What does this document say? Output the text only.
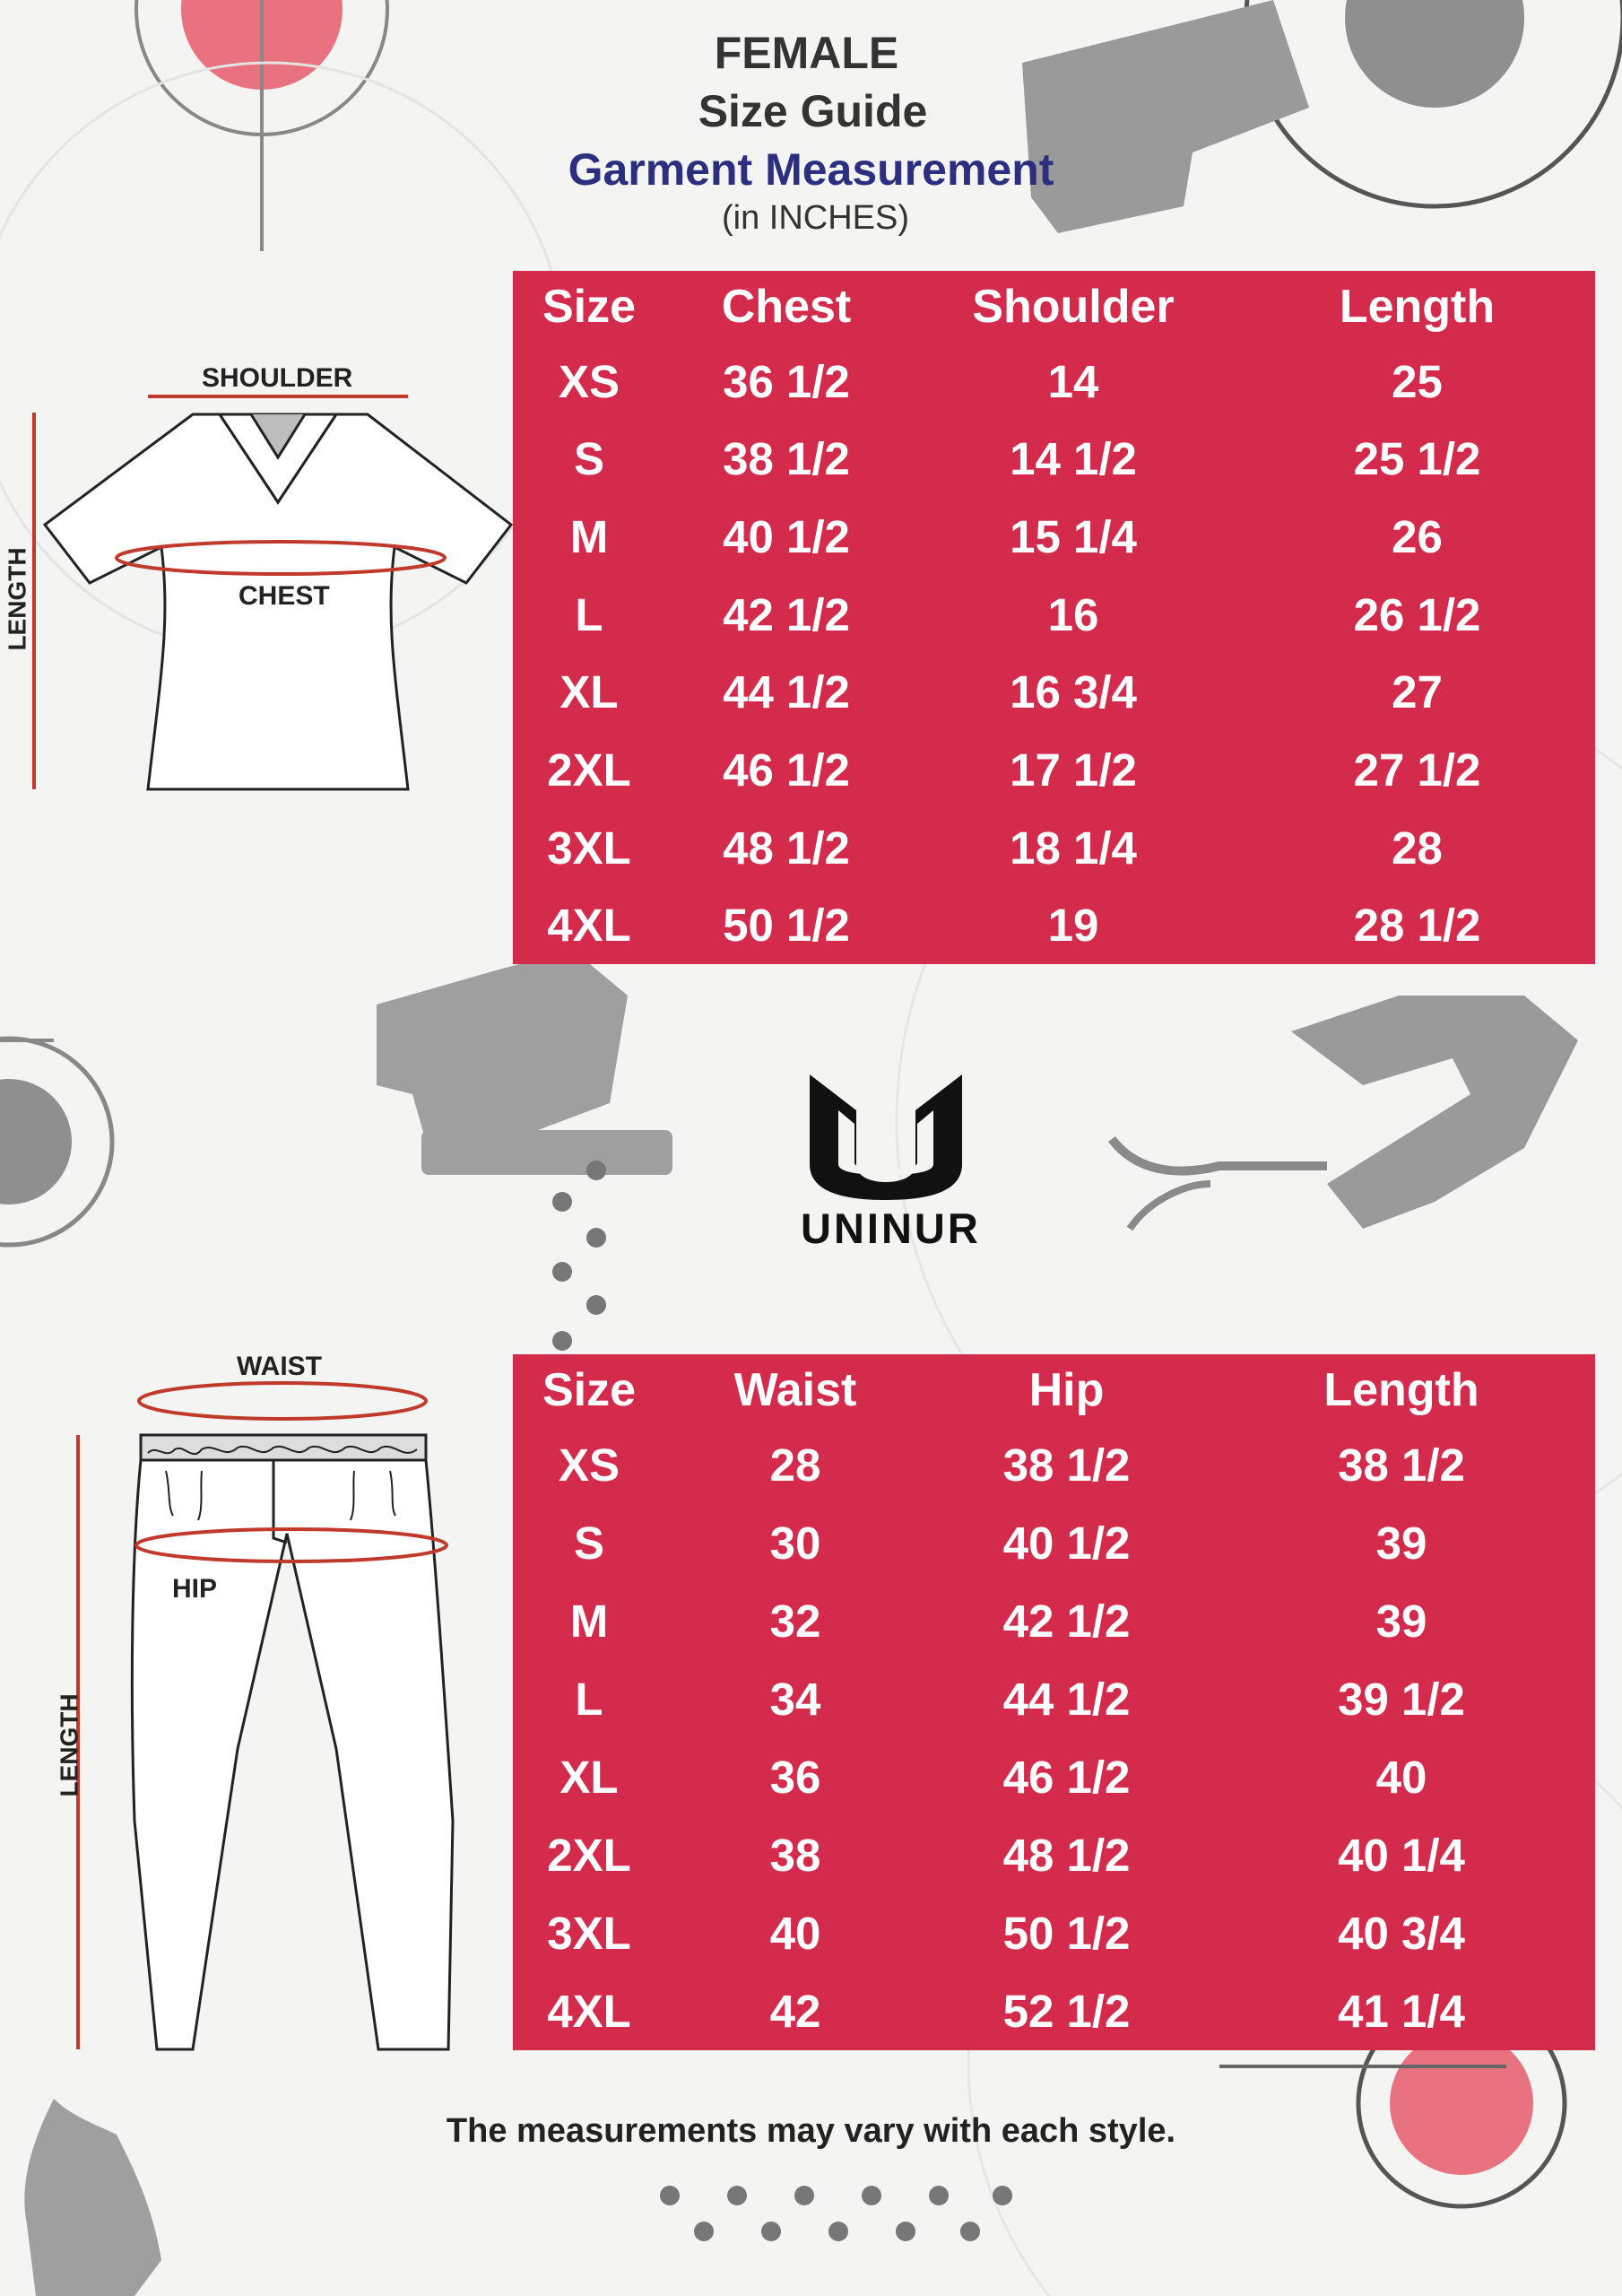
FEMALE
Size Guide
Garment Measurement
(in INCHES)
SHOULDER
CHEST
LENGTH
Size	Chest	Shoulder	Length
XS	36 1/2	14	25
S	38 1/2	14 1/2	25 1/2
M	40 1/2	15 1/4	26
L	42 1/2	16	26 1/2
XL	44 1/2	16 3/4	27
2XL	46 1/2	17 1/2	27 1/2
3XL	48 1/2	18 1/4	28
4XL	50 1/2	19	28 1/2
UNINUR
WAIST
HIP
LENGTH
Size	Waist	Hip	Length
XS	28	38 1/2	38 1/2
S	30	40 1/2	39
M	32	42 1/2	39
L	34	44 1/2	39 1/2
XL	36	46 1/2	40
2XL	38	48 1/2	40 1/4
3XL	40	50 1/2	40 3/4
4XL	42	52 1/2	41 1/4
The measurements may vary with each style.
